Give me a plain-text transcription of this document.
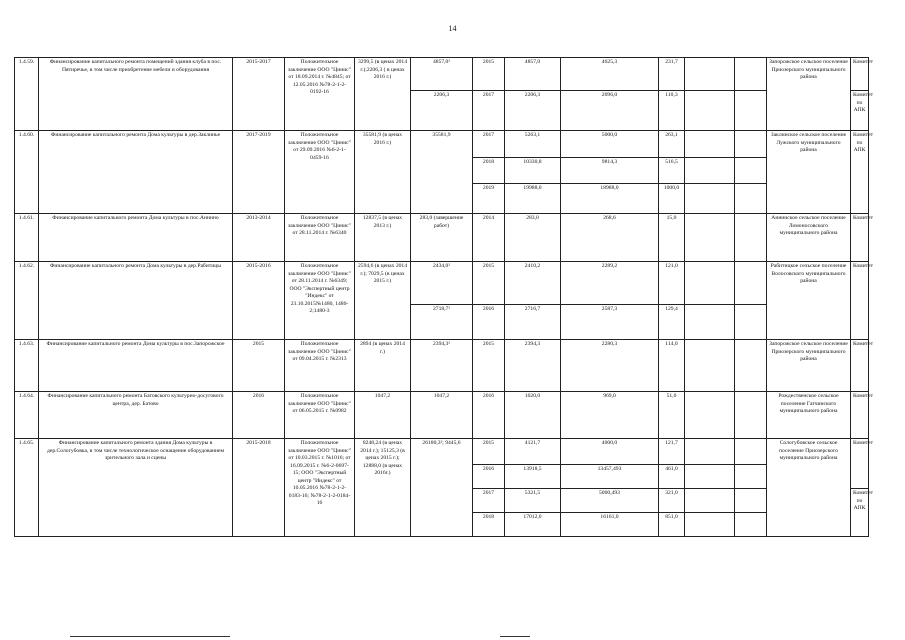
14
1.4.59.	Финансирование капитального ремонта помещений здания клуба в пос. Пятиречье, в том числе приобретение мебели и оборудования	2015-2017	Положительное заключение ООО "Цинис" от 18.09.2014 г. №4845; от 12.05.2016 №78-2-1-2-0192-16	3299,5 (в ценах 2014 г.);2206,3 ( в ценах 2016 г.)	4857,0²	2015	4857,0	4625,3	231,7			Запорожское сельское поселение Приозерского муниципального района	Комитет
					2206,3	2017	2206,3	2096,0	110,3				Комитет по АПК
1.4.60.	Финансирование капитального ремонта Дома культуры в дер.Заклинье	2017-2019	Положительное заключение ООО "Цинис" от 29.09.2016 №6-2-1-0459-16	35581,9 (в ценах 2016 г.)	35581,9	2017	5263,1	5000,0	263,1			Заклинское сельское поселение Лужского муниципального района	Комитет по АПК
						2018	10330,8	9814,3	516,5				
						2019	19988,0	18988,0	1000,0				
1.4.61.	Финансирование капитального ремонта Дома культуры в пос.Аннино	2013-2014	Положительное заключение ООО "Цинис" от 28.11.2014 г. №6340	12837,5 (в ценах 2013 г.)	283,0 (завершение работ)	2014	283,0	268,6	15,0			Аннинское сельское поселение Ломоносовского муниципального района	Комитет
1.4.62.	Финансирование капитального ремонта Дома культуры в дер.Рабитицы	2015-2016	Положительное заключение ООО "Цинис" от 28.11.2014 г. №6349; ООО "Экспертный центр "Индекс" от 23.10.2015№1480, 1480-2;1480-3	2594,6 (в ценах 2014 г.); 7029,5 (в ценах 2015 г.)	2434,0²	2015	2410,2	2289,2	121,0			Рабитицкое сельское поселение Волосовского муниципального района	Комитет
					2718,7²	2016	2716,7	2587,3	129,4				
1.4.63.	Финансирование капитального ремонта Дома культуры в пос.Запорожское	2015	Положительное заключение ООО "Цинис" от 09.04.2015 г. №2313	2894 (в ценах 2014 г.)	2394,3²	2015	2394,3	2280,3	114,0			Запорожское сельское поселение Приозерского муниципального района	Комитет
1.4.64.	Финансирование капитального ремонта Батовского культурно-досугового центра, дер. Батово	2016	Положительное заключение ООО "Цинис" от 06.05.2015 г. №0982	1047,2	1047,2	2016	1020,0	969,0	51,0			Рождественское сельское поселение Гатчинского муниципального района	Комитет
1.4.65.	Финансирование капитального ремонта здания Дома культуры в дер.Сологубовка, в том числе технологическое оснащение оборудованием зрительного зала и сцены	2015-2018	Положительное заключение ООО "Цинис" от 10.03.2015 г. №1016; от 16.09.2015 г. №6-2-0697-15; ООО "Экспертный центр "Индекс" от 10.05.2016 №78-2-1-2-0183-16; №78-2-1-2-0184-16	8248,24 (в ценах 2014 г.); 15125,3 (в ценах 2015 г.); 12888,0 (в ценах 2016г.)	26180,3²; 9445,6	2015	4121,7	4000,0	121,7			Сологубовское сельское поселение Приозерского муниципального района	Комитет
						2016	13918,5	13457,493	461,0				
						2017	5321,5	5000,493	321,0				Комитет по АПК
						2018	17012,0	16161,0	851,0				
